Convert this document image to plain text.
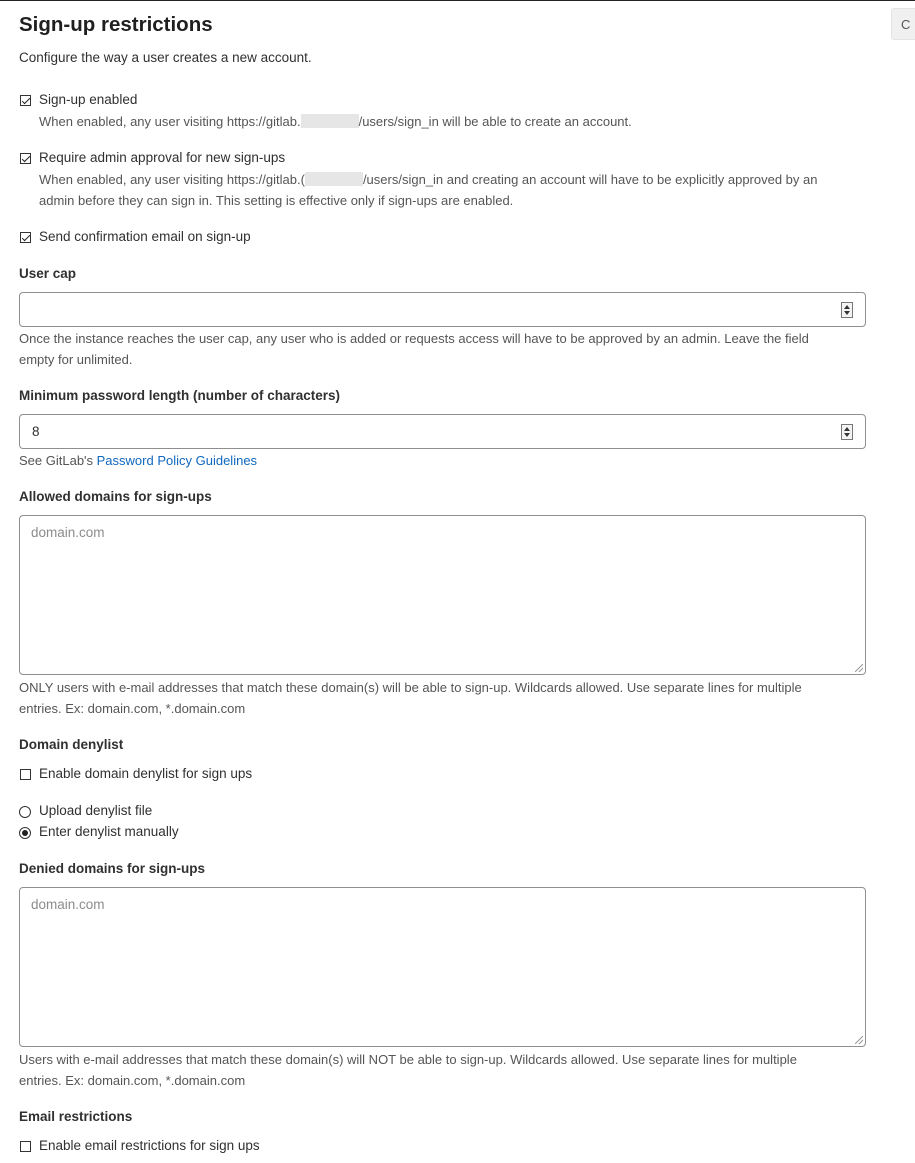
Sign-up restrictions
Configure the way a user creates a new account.
C
Sign-up enabled
When enabled, any user visiting https://gitlab.	/users/sign_in will be able to create an account.
Require admin approval for new sign-ups
When enabled, any user visiting https://gitlab.(	/users/sign_in and creating an account will have to be explicitly approved by an
admin before they can sign in. This setting is effective only if sign-ups are enabled.
Send confirmation email on sign-up
User cap
Once the instance reaches the user cap, any user who is added or requests access will have to be approved by an admin. Leave the field
empty for unlimited.
Minimum password length (number of characters)
8
See GitLab's Password Policy Guidelines
Allowed domains for sign-ups
domain.com
ONLY users with e-mail addresses that match these domain(s) will be able to sign-up. Wildcards allowed. Use separate lines for multiple
entries. Ex: domain.com, *.domain.com
Domain denylist
Enable domain denylist for sign ups
Upload denylist file
Enter denylist manually
Denied domains for sign-ups
domain.com
Users with e-mail addresses that match these domain(s) will NOT be able to sign-up. Wildcards allowed. Use separate lines for multiple
entries. Ex: domain.com, *.domain.com
Email restrictions
Enable email restrictions for sign ups
